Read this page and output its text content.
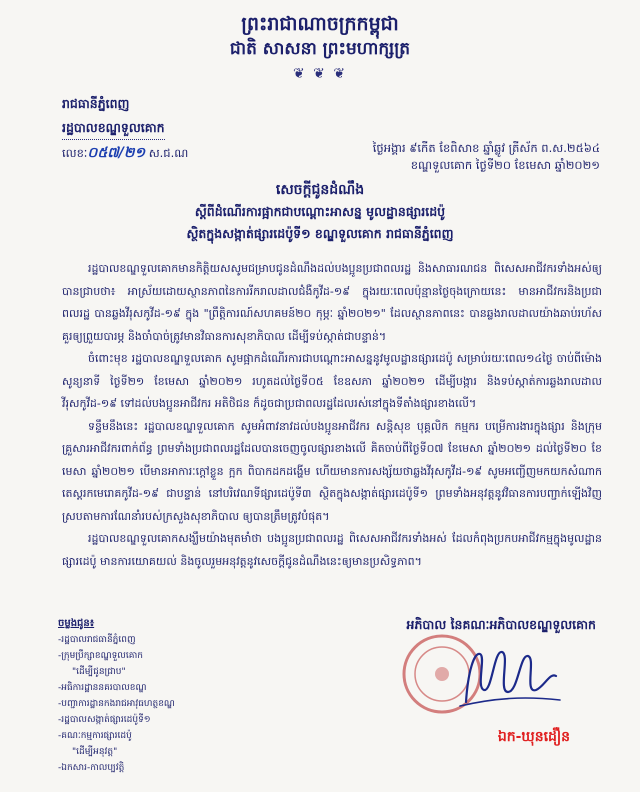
ព្រះរាជាណាចក្រកម្ពុជា
ជាតិ សាសនា ព្រះមហាក្សត្រ
❦ ❦ ❦
រាជធានីភ្នំពេញ
រដ្ឋបាលខណ្ឌទួលគោក
លេខៈ០៥៧/២១ ស.ជ.ណ	ថ្ងៃអង្គារ ៩កើត ខែពិសាខ ឆ្នាំឆ្លូវ ត្រីស័ក ព.ស.២៥៦៤
ខណ្ឌទួលគោក ថ្ងៃទី២០ ខែមេសា ឆ្នាំ២០២១
សេចក្តីជូនដំណឹង
ស្តីពីដំណើរការផ្អាកជាបណ្តោះអាសន្ន មូលដ្ឋានផ្សារដេប៉ូ
ស្ថិតក្នុងសង្កាត់ផ្សារដេប៉ូទី១ ខណ្ឌទួលគោក រាជធានីភ្នំពេញ

រដ្ឋបាលខណ្ឌទួលគោកមានកិត្តិយសសូមជម្រាបជូនដំណឹងដល់បងប្អូនប្រជាពលរដ្ឋ និងសាធារណជន ពិសេសអាជីវករទាំងអស់ឲ្យបានជ្រាបថា៖ អាស្រ័យដោយស្ថានភាពនៃការរីករាលដាលជំងឺកូវីដ-១៩ ក្នុងរយៈពេលប៉ុន្មានថ្ងៃចុងក្រោយនេះ មានអាជីវករនិងប្រជាពលរដ្ឋ បានឆ្លងវីរុសកូវីដ-១៩ ក្នុង "ព្រឹត្តិការណ៍សហគមន៍២០ កុម្ភៈ ឆ្នាំ២០២១" ដែលស្ថានភាពនេះ បានឆ្លងរាលដាលយ៉ាងឆាប់រហ័ស គួរឲ្យព្រួយបារម្ភ និងចាំបាច់ត្រូវមានវិធានការសុខាភិបាល ដើម្បីទប់ស្កាត់ជាបន្ទាន់។

ចំពោះមុខ រដ្ឋបាលខណ្ឌទួលគោក សូមផ្អាកដំណើរការជាបណ្តោះអាសន្ននូវមូលដ្ឋានផ្សារដេប៉ូ សម្រាប់រយៈពេល១៤ថ្ងៃ ចាប់ពីម៉ោងសូន្យនាទី ថ្ងៃទី២១ ខែមេសា ឆ្នាំ២០២១ រហូតដល់ថ្ងៃទី០៥ ខែឧសភា ឆ្នាំ២០២១ ដើម្បីបង្ការ និងទប់ស្កាត់ការឆ្លងរាលដាលវីរុសកូវីដ-១៩ ទៅដល់បងប្អូនអាជីវករ អតិថិជន ក៏ដូចជាប្រជាពលរដ្ឋដែលរស់នៅក្នុងទីតាំងផ្សារខាងលើ។

ទន្ទឹមនឹងនេះ រដ្ឋបាលខណ្ឌទួលគោក សូមអំពាវនាវដល់បងប្អូនអាជីវករ សន្តិសុខ បុគ្គលិក កម្មករ បម្រើការងារក្នុងផ្សារ និងក្រុមគ្រួសារអាជីវករពាក់ព័ន្ធ ព្រមទាំងប្រជាពលរដ្ឋដែលបានចេញចូលផ្សារខាងលើ គិតចាប់ពីថ្ងៃទី០៧ ខែមេសា ឆ្នាំ២០២១ ដល់ថ្ងៃទី២០ ខែមេសា ឆ្នាំ២០២១ បើមានអាការៈក្តៅខ្លួន ក្អក ពិបាកដកដង្ហើម ហើយមានការសង្ស័យថាឆ្លងវីរុសកូវីដ-១៩ សូមអញ្ជើញមកយកសំណាកតេស្តរកមេរោគកូវីដ-១៩ ជាបន្ទាន់ នៅបរិវេណទីផ្សារដេប៉ូទី៣ ស្ថិតក្នុងសង្កាត់ផ្សារដេប៉ូទី១ ព្រមទាំងអនុវត្តនូវវិធានការបញ្ជាក់ឡើងវិញ ស្របតាមការណែនាំរបស់ក្រសួងសុខាភិបាល ឲ្យបានត្រឹមត្រូវបំផុត។

រដ្ឋបាលខណ្ឌទួលគោកសង្ឃឹមយ៉ាងមុតមាំថា បងប្អូនប្រជាពលរដ្ឋ ពិសេសអាជីវករទាំងអស់ ដែលកំពុងប្រកបអាជីវកម្មក្នុងមូលដ្ឋានផ្សារដេប៉ូ មានការយោគយល់ និងចូលរួមអនុវត្តនូវសេចក្តីជូនដំណឹងនេះឲ្យមានប្រសិទ្ធភាព។

ចម្លងជូន៖
-រដ្ឋបាលរាជធានីភ្នំពេញ
-ក្រុមប្រឹក្សាខណ្ឌទួលគោក
"ដើម្បីជូនជ្រាប"
-អធិការដ្ឋាននគរបាលខណ្ឌ
-បញ្ជាការដ្ឋានកងរាជអាវុធហត្ថខណ្ឌ
-រដ្ឋបាលសង្កាត់ផ្សារដេប៉ូទី១
-គណៈកម្មការផ្សារដេប៉ូ
"ដើម្បីអនុវត្ត"
-ឯកសារ-កាលប្បវត្តិ
អភិបាល នៃគណៈអភិបាលខណ្ឌទួលគោក
ឯក-ឃុនដឿន
